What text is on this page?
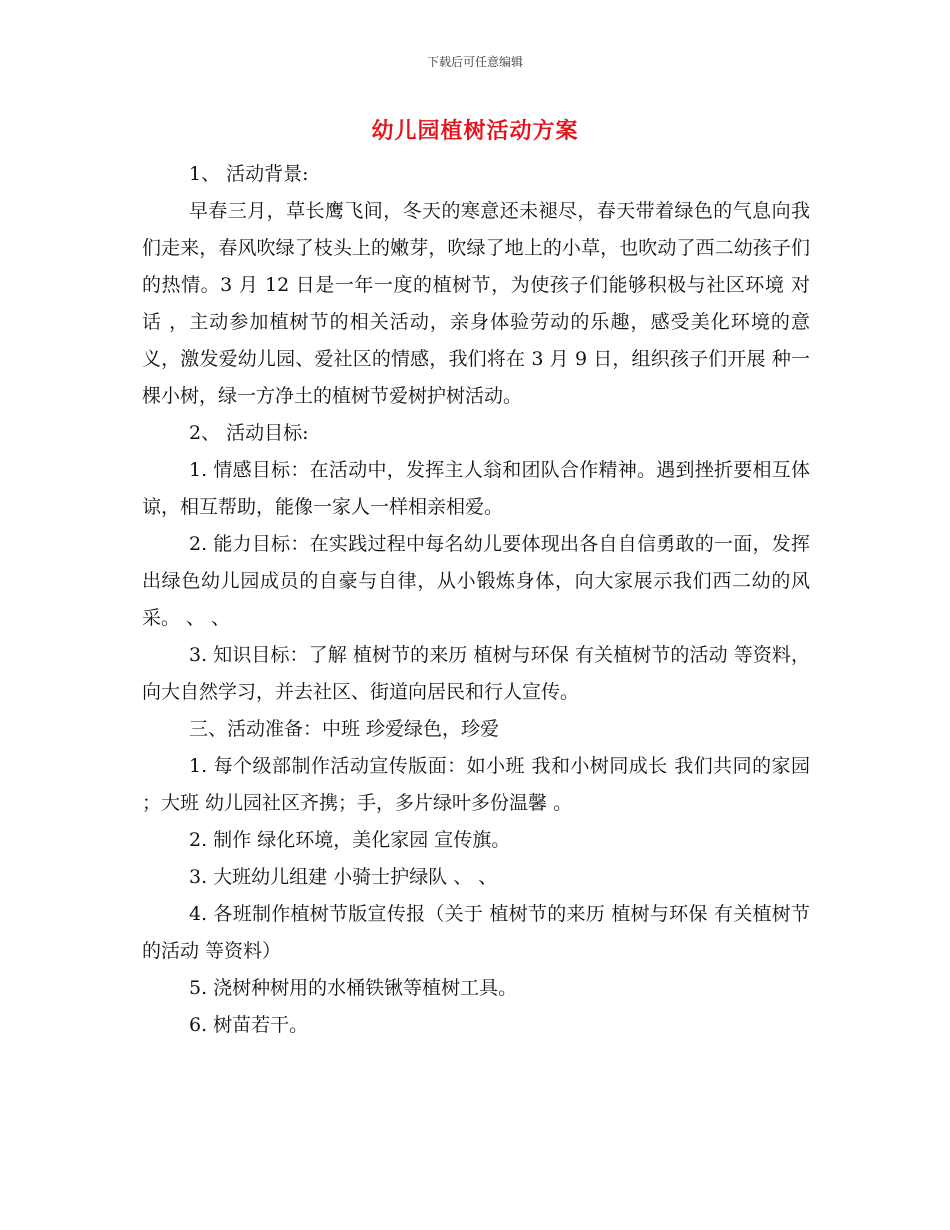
下载后可任意编辑
幼儿园植树活动方案

1、 活动背景:

早春三月，草长鹰飞间，冬天的寒意还未褪尽，春天带着绿色的气息向我们走来，春风吹绿了枝头上的嫩芽，吹绿了地上的小草，也吹动了西二幼孩子们的热情。3 月 12 日是一年一度的植树节，为使孩子们能够积极与社区环境 对话 ，主动参加植树节的相关活动，亲身体验劳动的乐趣，感受美化环境的意义，激发爱幼儿园、爱社区的情感，我们将在 3 月 9 日，组织孩子们开展 种一棵小树，绿一方净土的植树节爱树护树活动。

2、 活动目标:

1. 情感目标：在活动中，发挥主人翁和团队合作精神。遇到挫折要相互体谅，相互帮助，能像一家人一样相亲相爱。

2. 能力目标：在实践过程中每名幼儿要体现出各自自信勇敢的一面，发挥出绿色幼儿园成员的自豪与自律，从小锻炼身体，向大家展示我们西二幼的风采。 、 、

3. 知识目标：了解 植树节的来历 植树与环保 有关植树节的活动 等资料，向大自然学习，并去社区、街道向居民和行人宣传。

三、活动准备：中班 珍爱绿色，珍爱

1. 每个级部制作活动宣传版面：如小班 我和小树同成长 我们共同的家园 ；大班 幼儿园社区齐携；手，多片绿叶多份温馨 。

2. 制作 绿化环境，美化家园 宣传旗。

3. 大班幼儿组建 小骑士护绿队 、 、

4. 各班制作植树节版宣传报（关于 植树节的来历 植树与环保 有关植树节的活动 等资料）

5. 浇树种树用的水桶铁锹等植树工具。

6. 树苗若干。
